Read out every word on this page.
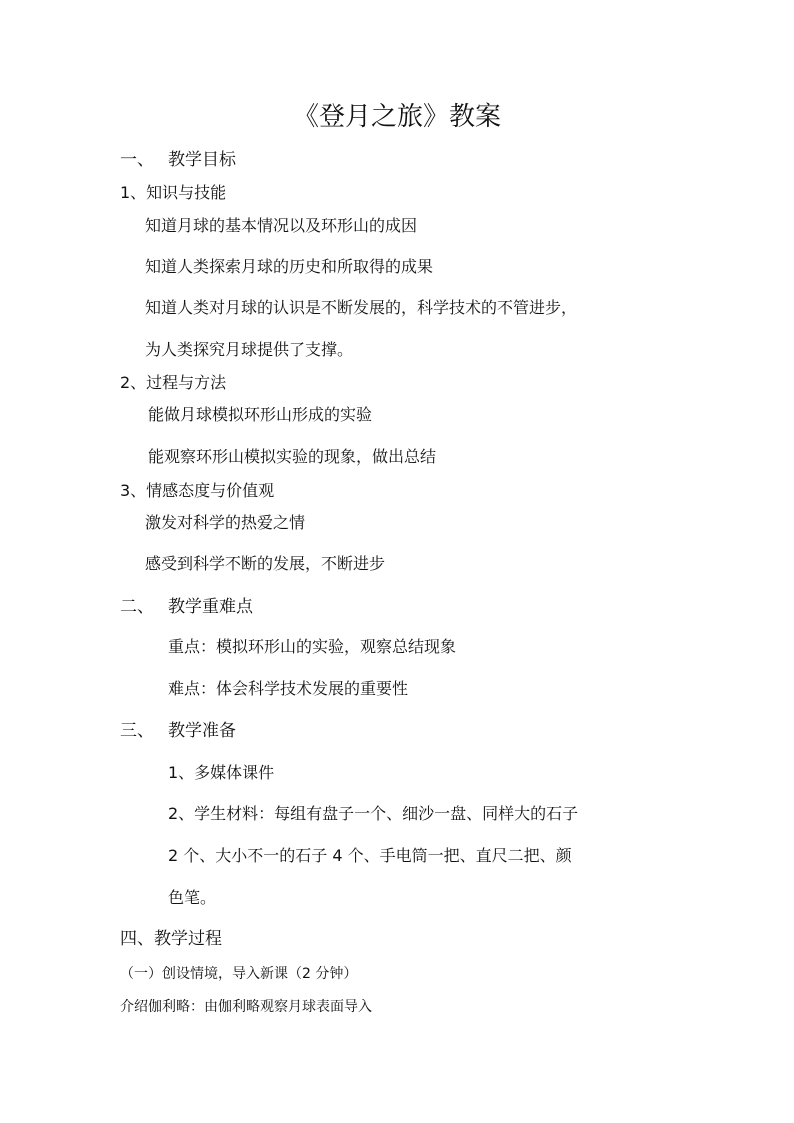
《登月之旅》教案
一、 教学目标
1、知识与技能
知道月球的基本情况以及环形山的成因
知道人类探索月球的历史和所取得的成果
知道人类对月球的认识是不断发展的，科学技术的不管进步，
为人类探究月球提供了支撑。
2、过程与方法
能做月球模拟环形山形成的实验
能观察环形山模拟实验的现象，做出总结
3、情感态度与价值观
激发对科学的热爱之情
感受到科学不断的发展，不断进步
二、 教学重难点
重点：模拟环形山的实验，观察总结现象
难点：体会科学技术发展的重要性
三、 教学准备
1、多媒体课件
2、学生材料：每组有盘子一个、细沙一盘、同样大的石子
2 个、大小不一的石子 4 个、手电筒一把、直尺二把、颜
色笔。
四、教学过程
（一）创设情境，导入新课（2 分钟）
介绍伽利略：由伽利略观察月球表面导入
